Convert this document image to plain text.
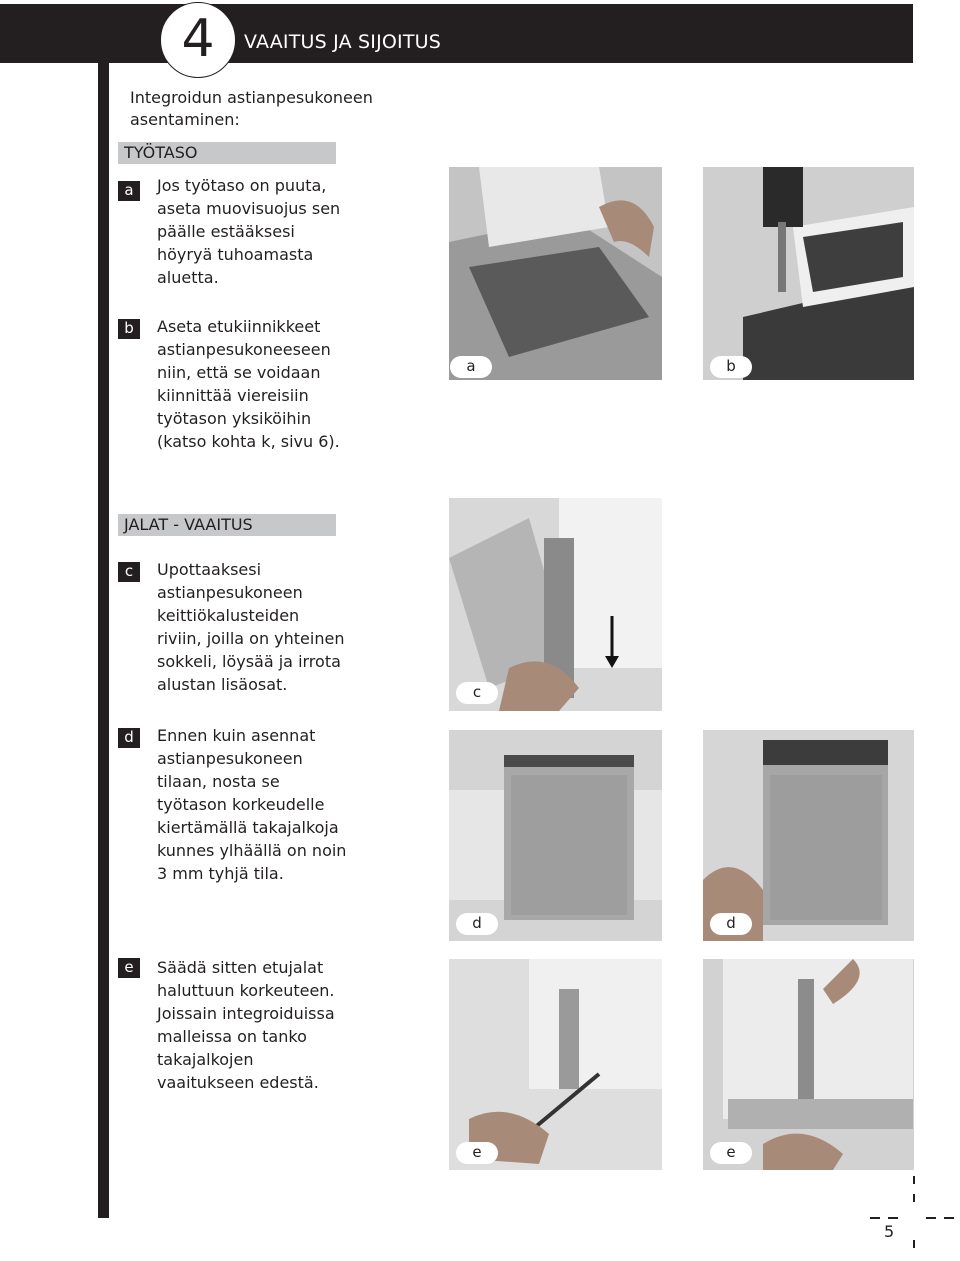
4	VAAITUS JA SIJOITUS
Integroidun astianpesukoneen asentaminen:
TYÖTASO
a	Jos työtaso on puuta, aseta muovisuojus sen päälle estääksesi höyryä tuhoamasta aluetta.
b	Aseta etukiinnikkeet astianpesukoneeseen niin, että se voidaan kiinnittää viereisiin työtason yksiköihin (katso kohta k, sivu 6).
a	b
JALAT - VAAITUS
c	Upottaaksesi astianpesukoneen keittiökalusteiden riviin, joilla on yhteinen sokkeli, löysää ja irrota alustan lisäosat.
d	Ennen kuin asennat astianpesukoneen tilaan, nosta se työtason korkeudelle kiertämällä takajalkoja kunnes ylhäällä on noin 3 mm tyhjä tila.
e	Säädä sitten etujalat haluttuun korkeuteen. Joissain integroiduissa malleissa on tanko takajalkojen vaaitukseen edestä.
c
d	d
e	e
5
